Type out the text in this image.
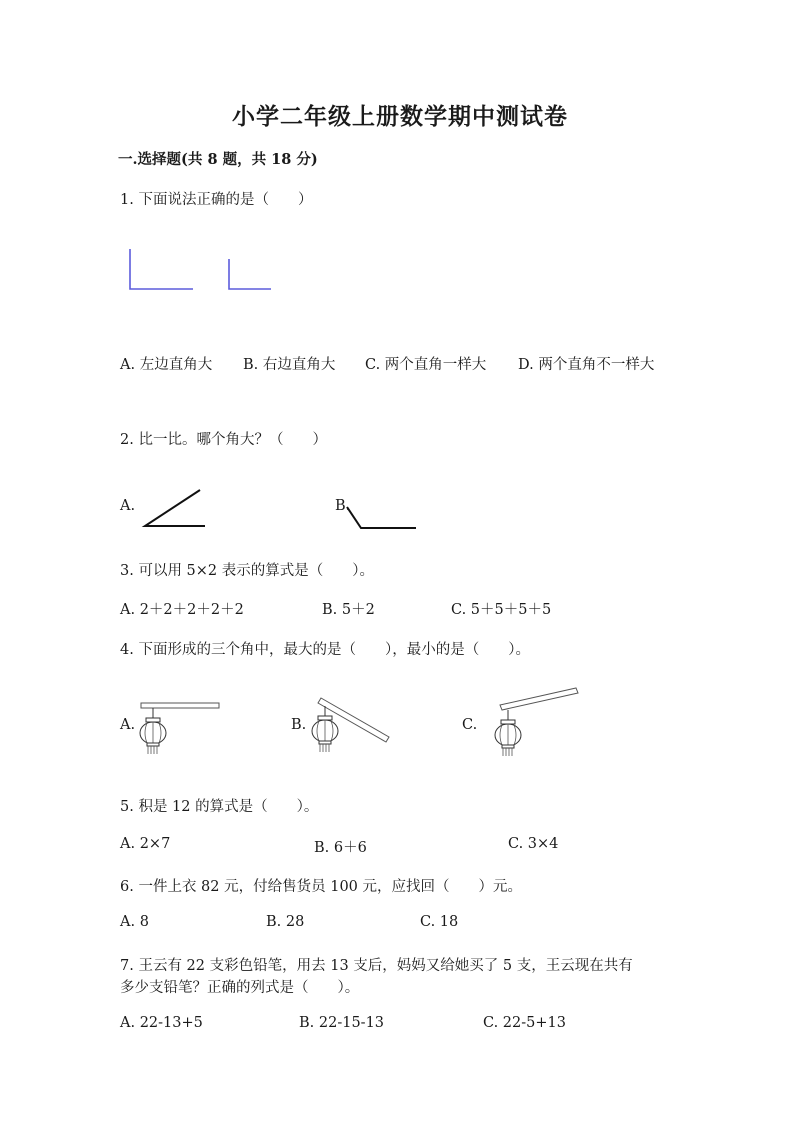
小学二年级上册数学期中测试卷
一.选择题(共 8 题，共 18 分)
1. 下面说法正确的是（　　）
A. 左边直角大 B. 右边直角大 C. 两个直角一样大 D. 两个直角不一样大
2. 比一比。哪个角大？（　　）
A.	B.
3. 可以用 5×2 表示的算式是（　　）。
A. 2＋2＋2＋2＋2	B. 5＋2	C. 5＋5＋5＋5
4. 下面形成的三个角中，最大的是（　　），最小的是（　　）。
A.	B.	C.
5. 积是 12 的算式是（　　）。
A. 2×7	B. 6＋6	C. 3×4
6. 一件上衣 82 元，付给售货员 100 元，应找回（　　）元。
A. 8	B. 28	C. 18
7. 王云有 22 支彩色铅笔，用去 13 支后，妈妈又给她买了 5 支，王云现在共有
多少支铅笔？正确的列式是（　　）。
A. 22-13+5	B. 22-15-13	C. 22-5+13
